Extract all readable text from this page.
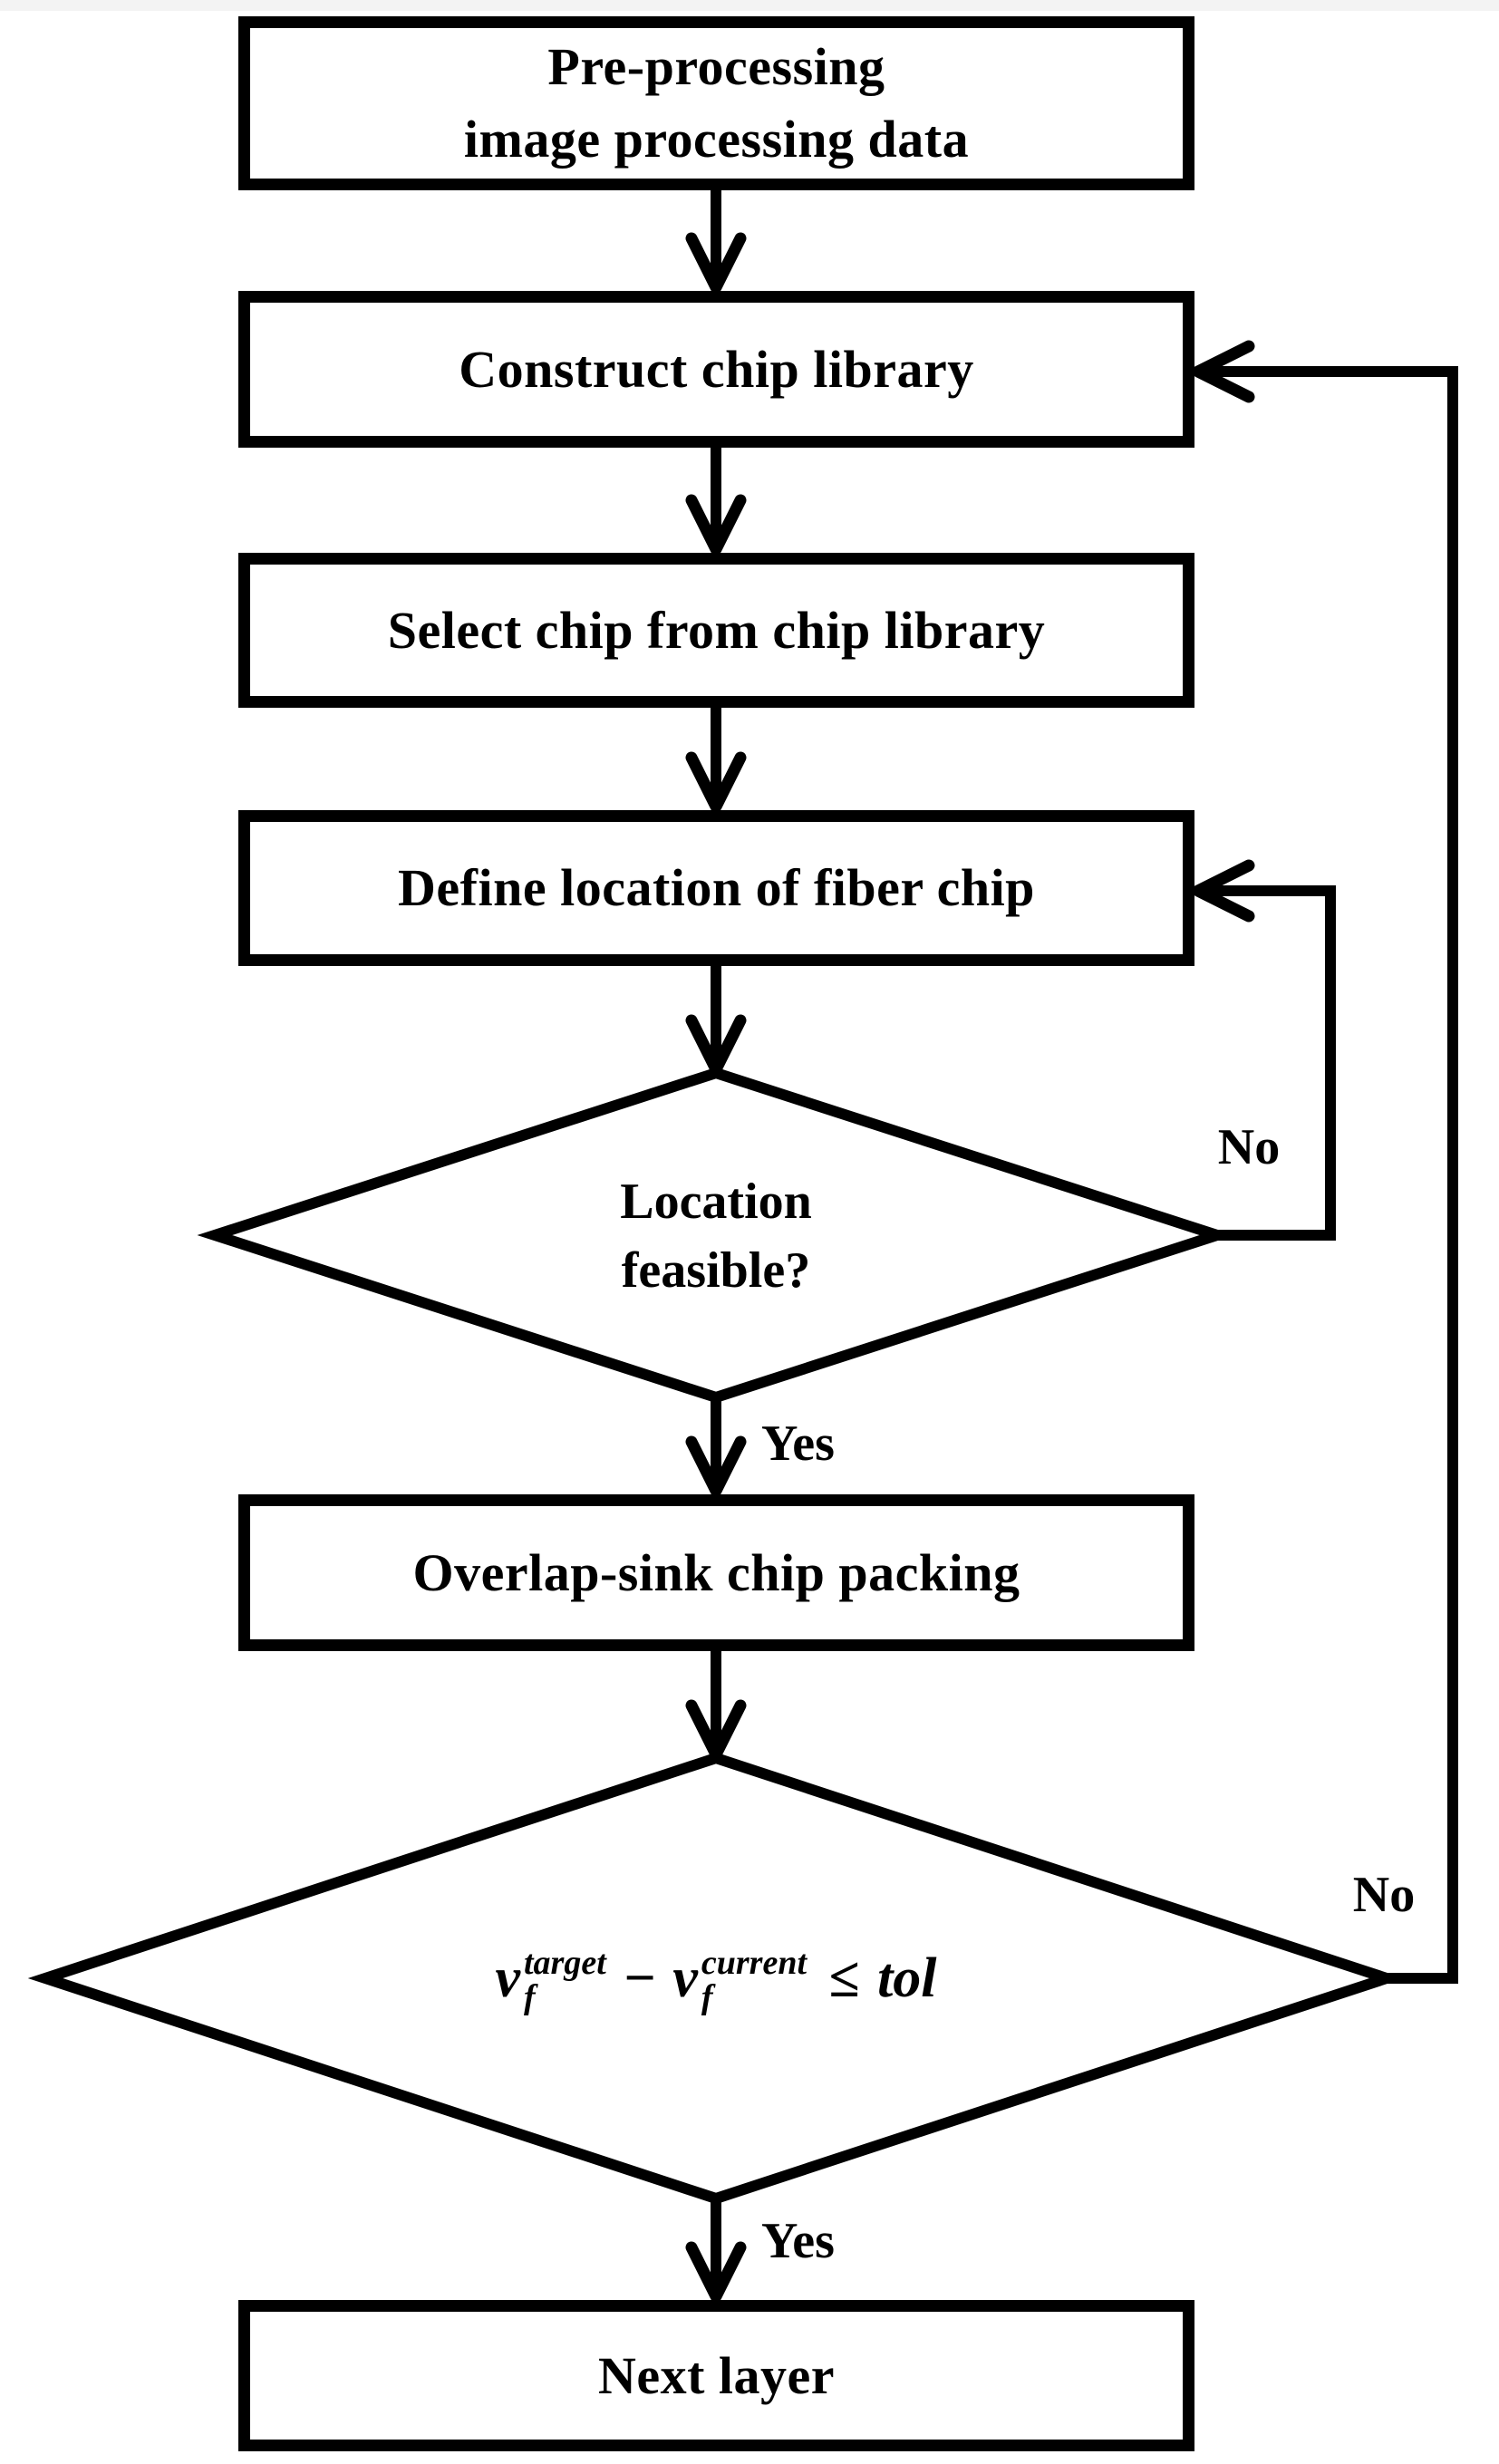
Pre-processing
image processing data
Construct chip library
Select chip from chip library
Define location of fiber chip
Overlap-sink chip packing
Next layer
Location
feasible?
v target
f − v current
f ≤ tol
Yes
No
Yes
No
